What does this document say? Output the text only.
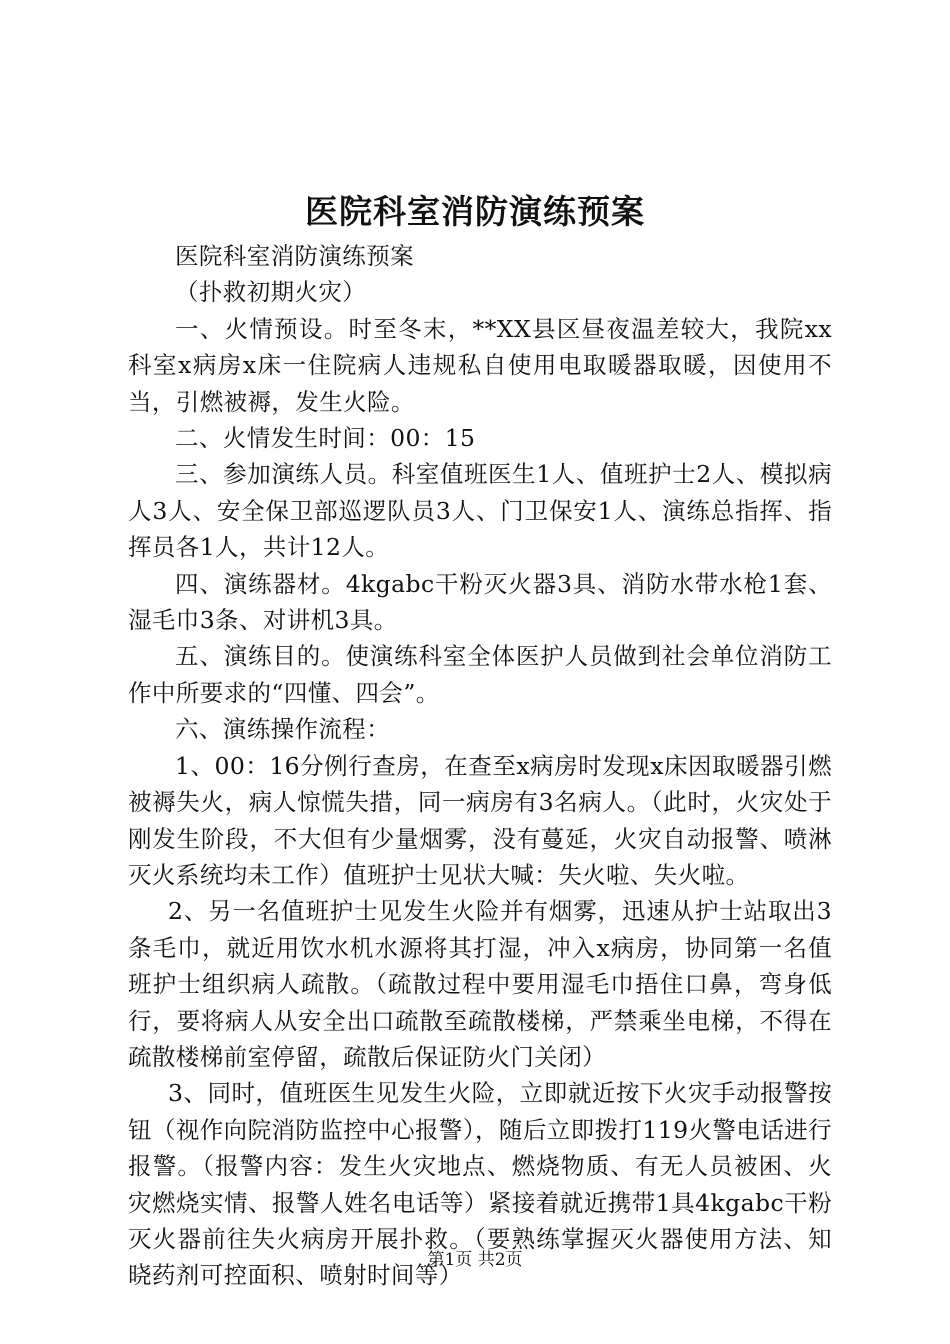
医院科室消防演练预案

医院科室消防演练预案

（扑救初期火灾）

一、火情预设。时至冬末，**XX县区昼夜温差较大，我院xx科室x病房x床一住院病人违规私自使用电取暖器取暖，因使用不当，引燃被褥，发生火险。

二、火情发生时间：00：15

三、参加演练人员。科室值班医生1人、值班护士2人、模拟病人3人、安全保卫部巡逻队员3人、门卫保安1人、演练总指挥、指挥员各1人，共计12人。

四、演练器材。4kgabc干粉灭火器3具、消防水带水枪1套、湿毛巾3条、对讲机3具。

五、演练目的。使演练科室全体医护人员做到社会单位消防工作中所要求的“四懂、四会”。

六、演练操作流程：

1、00：16分例行查房，在查至x病房时发现x床因取暖器引燃被褥失火，病人惊慌失措，同一病房有3名病人。（此时，火灾处于刚发生阶段，不大但有少量烟雾，没有蔓延，火灾自动报警、喷淋灭火系统均未工作）值班护士见状大喊：失火啦、失火啦。

2、另一名值班护士见发生火险并有烟雾，迅速从护士站取出3条毛巾，就近用饮水机水源将其打湿，冲入x病房，协同第一名值班护士组织病人疏散。（疏散过程中要用湿毛巾捂住口鼻，弯身低行，要将病人从安全出口疏散至疏散楼梯，严禁乘坐电梯，不得在疏散楼梯前室停留，疏散后保证防火门关闭）

3、同时，值班医生见发生火险，立即就近按下火灾手动报警按钮（视作向院消防监控中心报警），随后立即拨打119火警电话进行报警。（报警内容：发生火灾地点、燃烧物质、有无人员被困、火灾燃烧实情、报警人姓名电话等）紧接着就近携带1具4kgabc干粉灭火器前往失火病房开展扑救。（要熟练掌握灭火器使用方法、知晓药剂可控面积、喷射时间等）

第1页 共2页
